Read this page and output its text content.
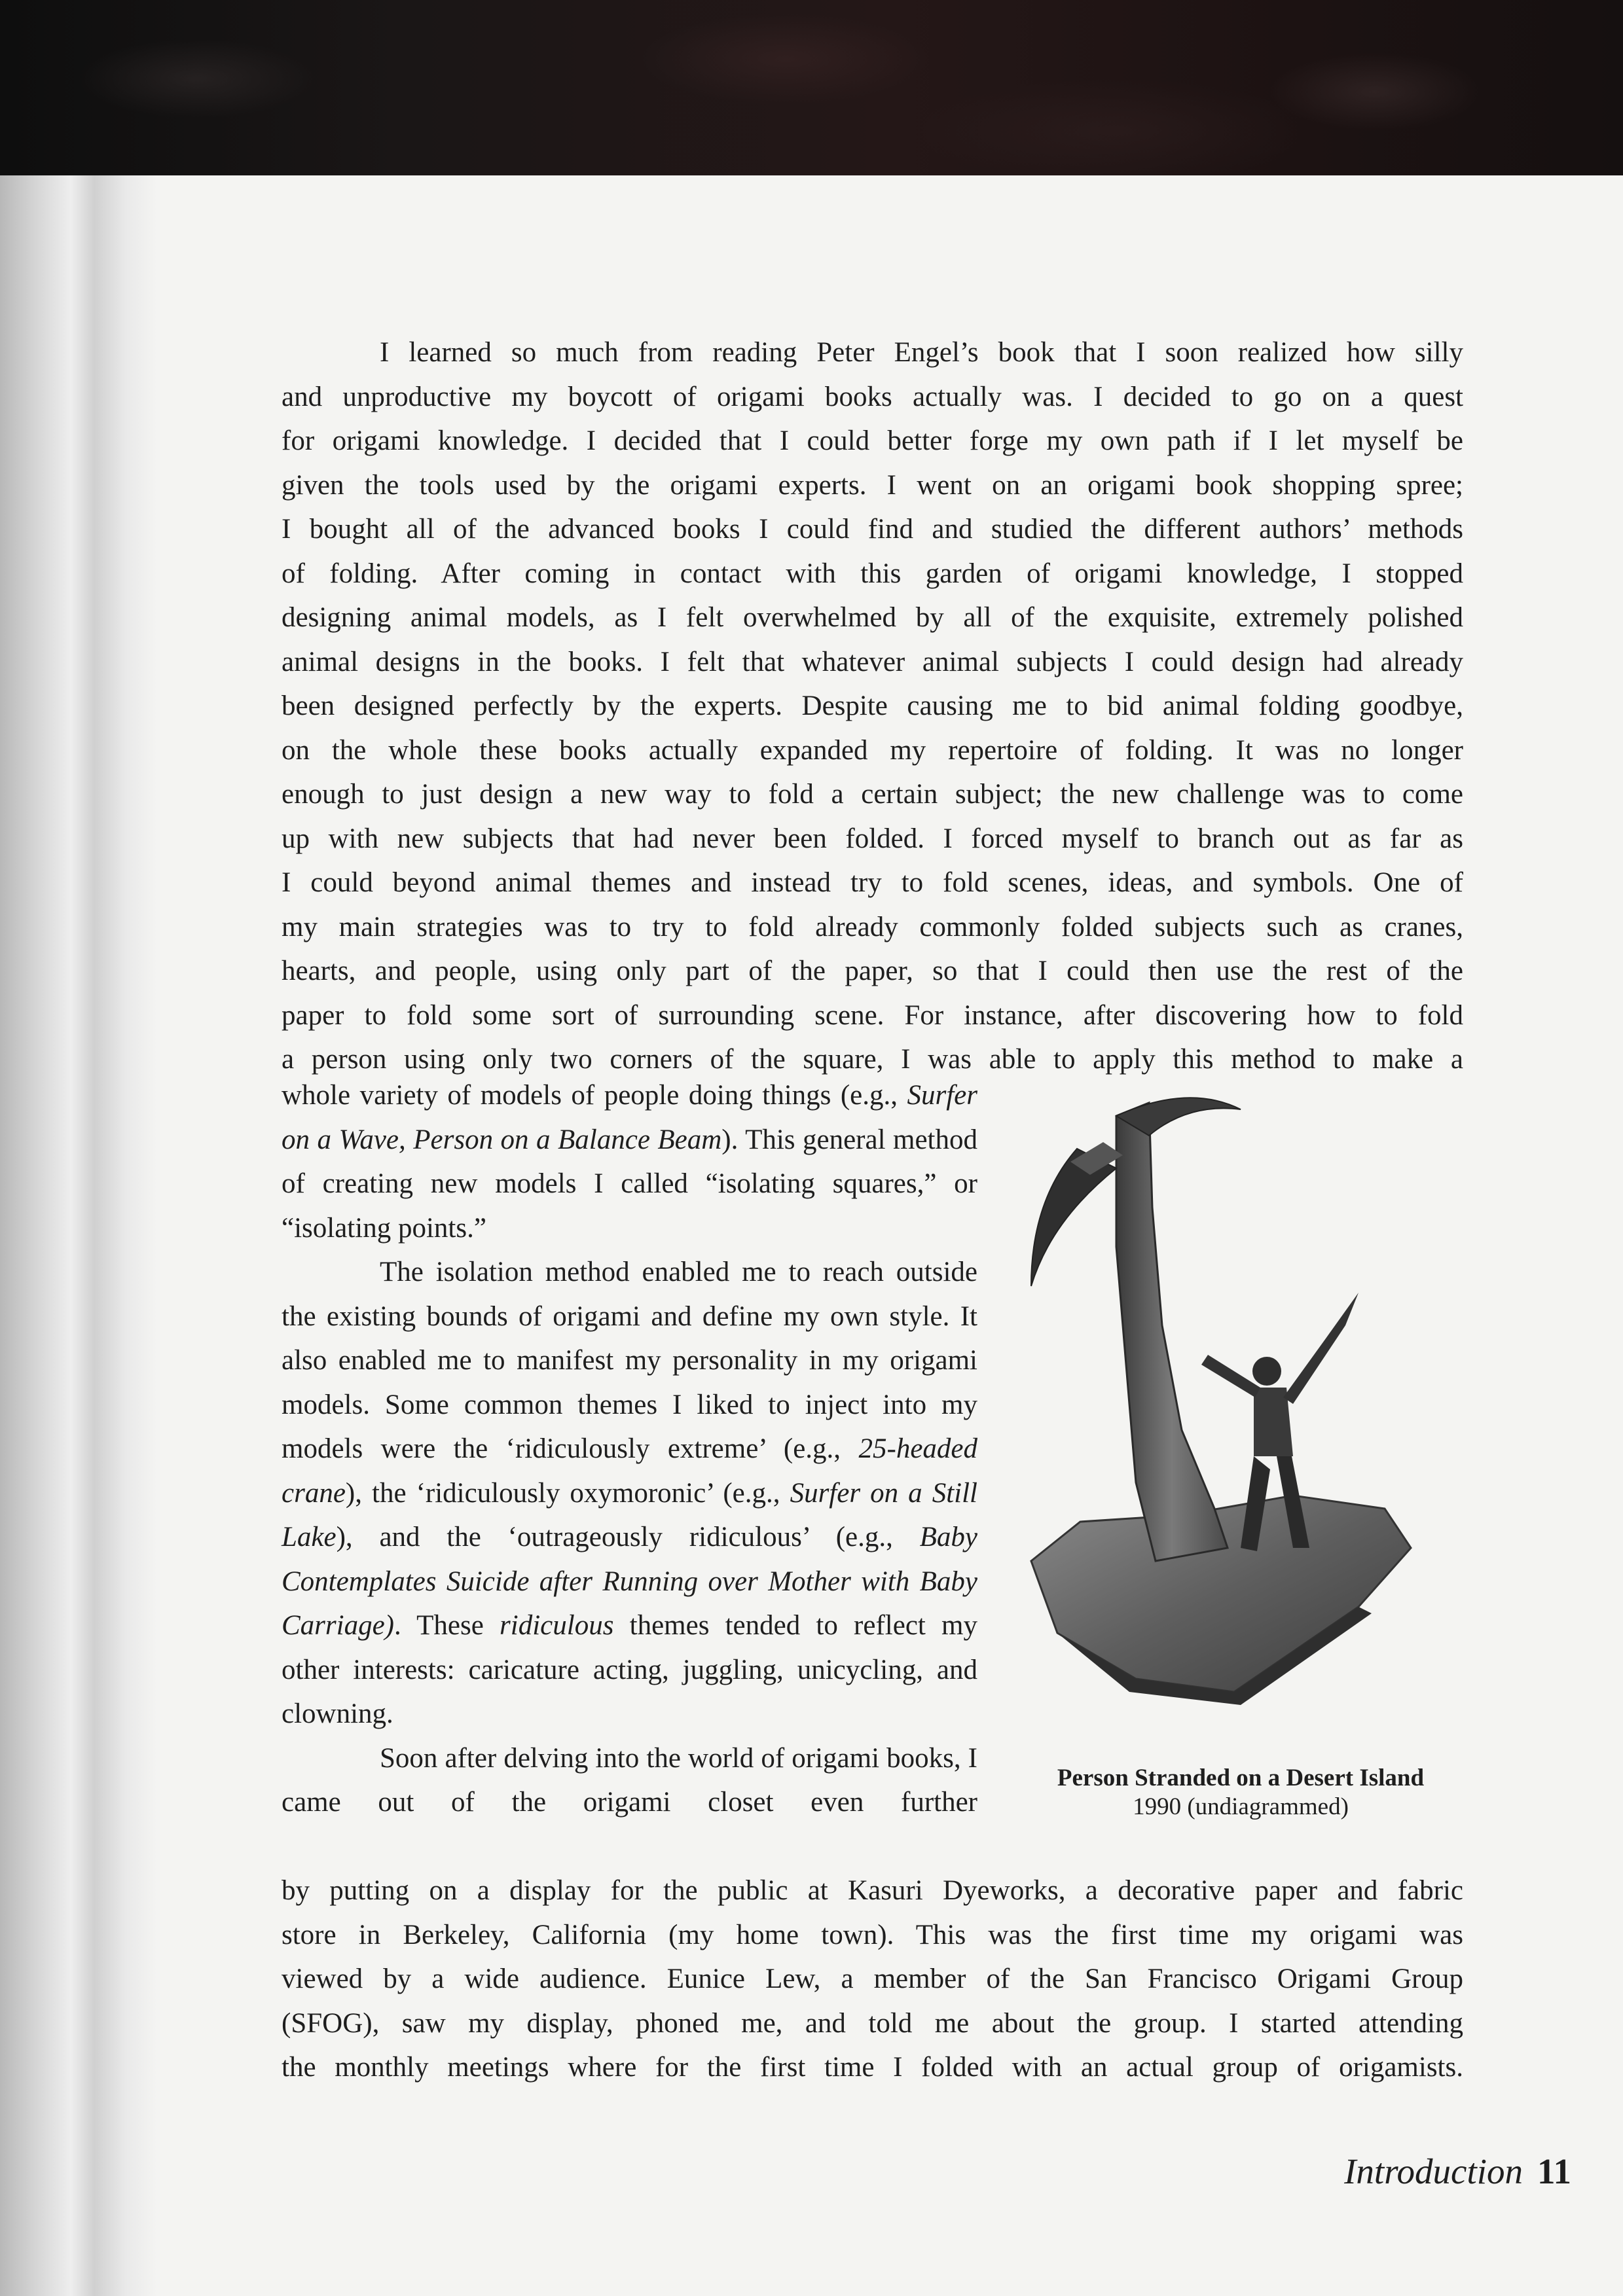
I learned so much from reading Peter Engel’s book that I soon realized how silly
and unproductive my boycott of origami books actually was. I decided to go on a quest
for origami knowledge. I decided that I could better forge my own path if I let myself be
given the tools used by the origami experts. I went on an origami book shopping spree;
I bought all of the advanced books I could find and studied the different authors’ methods
of folding. After coming in contact with this garden of origami knowledge, I stopped
designing animal models, as I felt overwhelmed by all of the exquisite, extremely polished
animal designs in the books. I felt that whatever animal subjects I could design had already
been designed perfectly by the experts. Despite causing me to bid animal folding goodbye,
on the whole these books actually expanded my repertoire of folding. It was no longer
enough to just design a new way to fold a certain subject; the new challenge was to come
up with new subjects that had never been folded. I forced myself to branch out as far as
I could beyond animal themes and instead try to fold scenes, ideas, and symbols. One of
my main strategies was to try to fold already commonly folded subjects such as cranes,
hearts, and people, using only part of the paper, so that I could then use the rest of the
paper to fold some sort of surrounding scene. For instance, after discovering how to fold
a person using only two corners of the square, I was able to apply this method to make a

whole variety of models of people doing things (e.g., Surfer on a Wave, Person on a Balance Beam). This general method of creating new models I called “isolating squares,” or “isolating points.”

The isolation method enabled me to reach outside the existing bounds of origami and define my own style. It also enabled me to manifest my personality in my origami models. Some common themes I liked to inject into my models were the ‘ridiculously extreme’ (e.g., 25-headed crane), the ‘ridiculously oxymoronic’ (e.g., Surfer on a Still Lake), and the ‘outrageously ridiculous’ (e.g., Baby Contemplates Suicide after Running over Mother with Baby Carriage). These ridiculous themes tended to reflect my other interests: caricature acting, juggling, unicycling, and clowning.

Soon after delving into the world of origami books, I came out of the origami closet even further

Person Stranded on a Desert Island
1990 (undiagrammed)
by putting on a display for the public at Kasuri Dyeworks, a decorative paper and fabric
store in Berkeley, California (my home town). This was the first time my origami was
viewed by a wide audience. Eunice Lew, a member of the San Francisco Origami Group
(SFOG), saw my display, phoned me, and told me about the group. I started attending
the monthly meetings where for the first time I folded with an actual group of origamists.
Introduction 11
